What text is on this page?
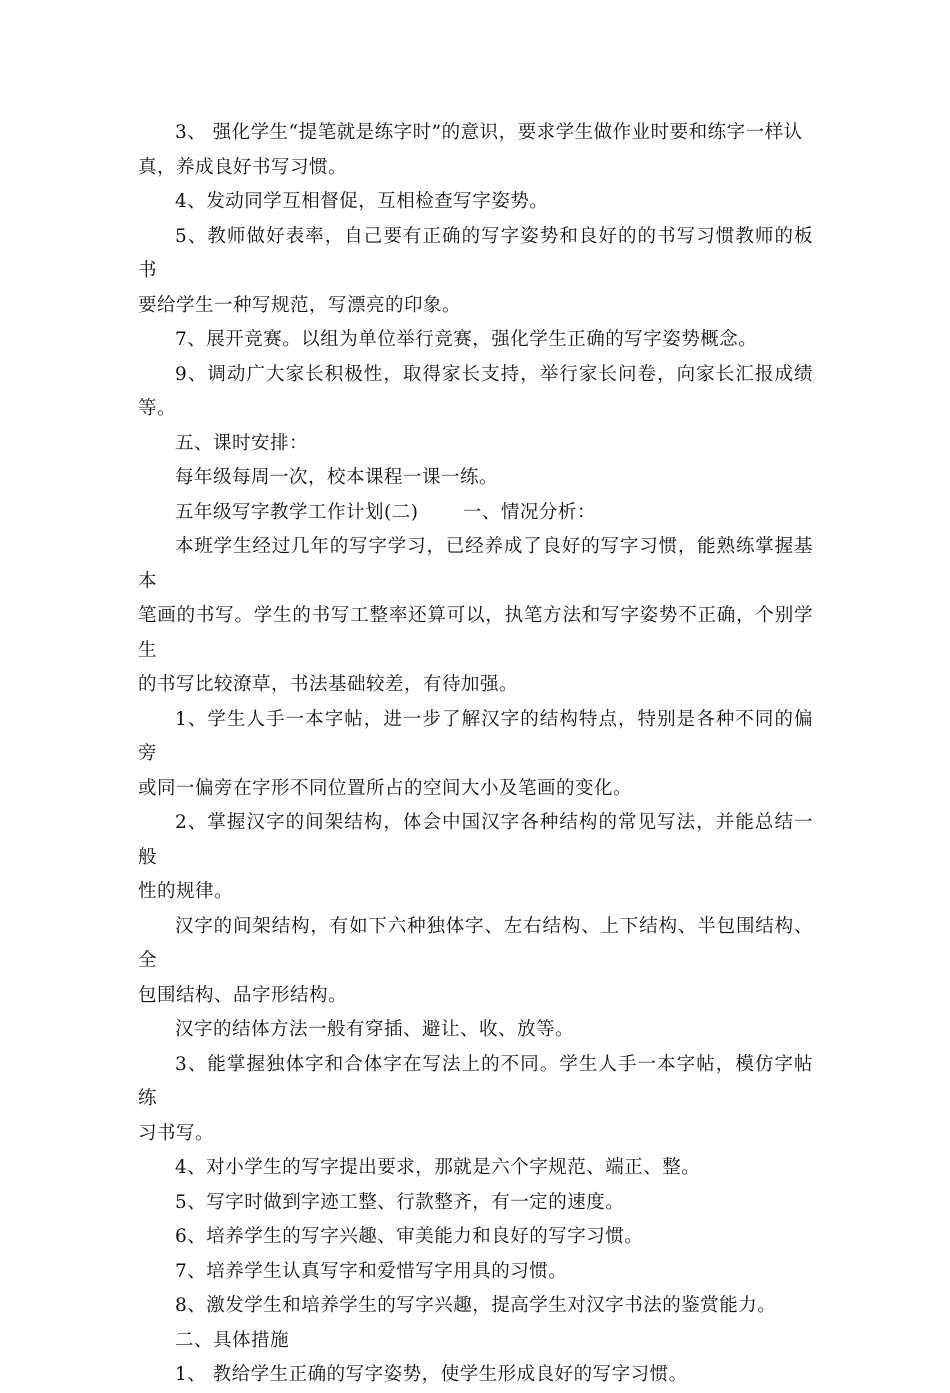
3、 强化学生“提笔就是练字时”的意识，要求学生做作业时要和练字一样认
真，养成良好书写习惯。

4、发动同学互相督促，互相检查写字姿势。

5、教师做好表率，自己要有正确的写字姿势和良好的的书写习惯教师的板书
要给学生一种写规范，写漂亮的印象。

7、展开竞赛。以组为单位举行竞赛，强化学生正确的写字姿势概念。

9、调动广大家长积极性，取得家长支持，举行家长问卷，向家长汇报成绩等。

五、课时安排：

每年级每周一次，校本课程一课一练。

五年级写字教学工作计划(二)　　 一、情况分析：

本班学生经过几年的写字学习，已经养成了良好的写字习惯，能熟练掌握基本
笔画的书写。学生的书写工整率还算可以，执笔方法和写字姿势不正确，个别学生
的书写比较潦草，书法基础较差，有待加强。

1、学生人手一本字帖，进一步了解汉字的结构特点，特别是各种不同的偏旁
或同一偏旁在字形不同位置所占的空间大小及笔画的变化。

2、掌握汉字的间架结构，体会中国汉字各种结构的常见写法，并能总结一般
性的规律。

汉字的间架结构，有如下六种独体字、左右结构、上下结构、半包围结构、全
包围结构、品字形结构。

汉字的结体方法一般有穿插、避让、收、放等。

3、能掌握独体字和合体字在写法上的不同。学生人手一本字帖，模仿字帖练
习书写。

4、对小学生的写字提出要求，那就是六个字规范、端正、整。

5、写字时做到字迹工整、行款整齐，有一定的速度。

6、培养学生的写字兴趣、审美能力和良好的写字习惯。

7、培养学生认真写字和爱惜写字用具的习惯。

8、激发学生和培养学生的写字兴趣，提高学生对汉字书法的鉴赏能力。

二、具体措施

1、 教给学生正确的写字姿势，使学生形成良好的写字习惯。
